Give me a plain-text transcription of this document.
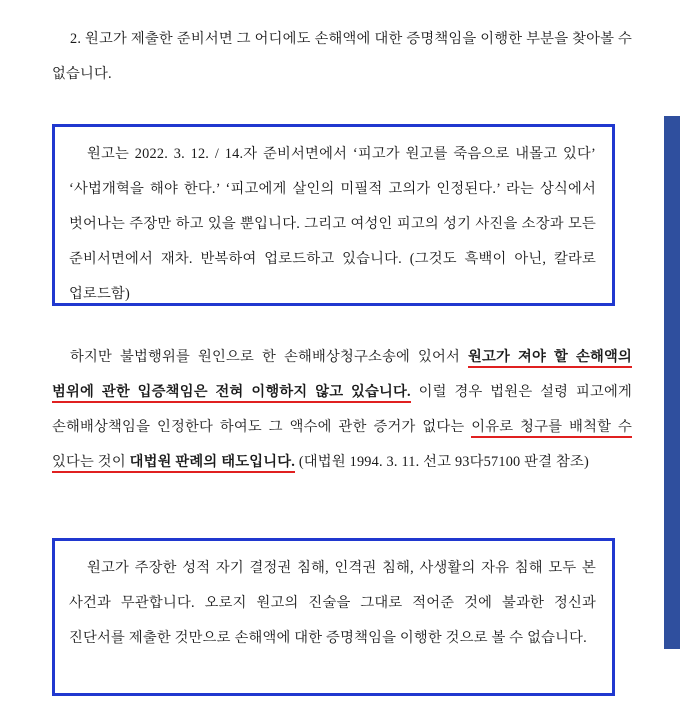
2. 원고가 제출한 준비서면 그 어디에도 손해액에 대한 증명책임을 이행한 부분을 찾아볼 수 없습니다.

원고는 2022. 3. 12. / 14.자 준비서면에서 ‘피고가 원고를 죽음으로 내몰고 있다’ ‘사법개혁을 해야 한다.’ ‘피고에게 살인의 미필적 고의가 인정된다.’ 라는 상식에서 벗어나는 주장만 하고 있을 뿐입니다. 그리고 여성인 피고의 성기 사진을 소장과 모든 준비서면에서 재차. 반복하여 업로드하고 있습니다. (그것도 흑백이 아닌, 칼라로 업로드함)

하지만 불법행위를 원인으로 한 손해배상청구소송에 있어서 원고가 져야 할 손해액의 범위에 관한 입증책임은 전혀 이행하지 않고 있습니다. 이럴 경우 법원은 설령 피고에게 손해배상책임을 인정한다 하여도 그 액수에 관한 증거가 없다는 이유로 청구를 배척할 수 있다는 것이 대법원 판례의 태도입니다. (대법원 1994. 3. 11. 선고 93다57100 판결 참조)

원고가 주장한 성적 자기 결정권 침해, 인격권 침해, 사생활의 자유 침해 모두 본 사건과 무관합니다. 오로지 원고의 진술을 그대로 적어준 것에 불과한 정신과 진단서를 제출한 것만으로 손해액에 대한 증명책임을 이행한 것으로 볼 수 없습니다.
